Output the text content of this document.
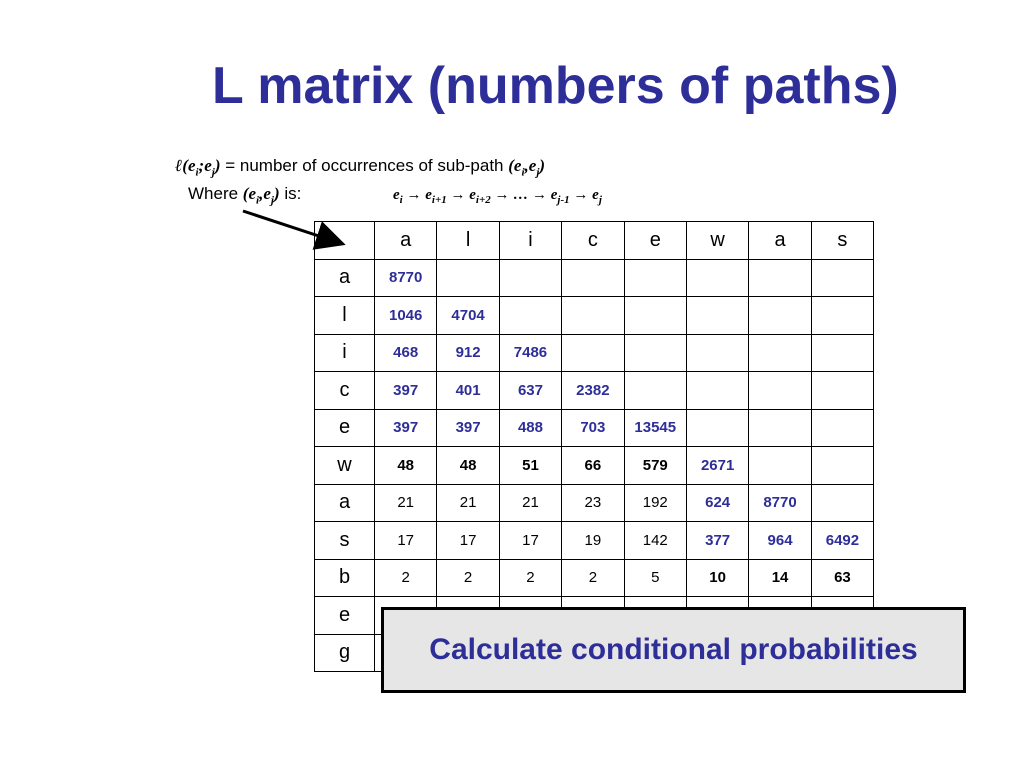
L matrix (numbers of paths)
$\ell(e_i;e_j)$ = number of occurrences of sub-path $(e_i,e_j)$
Where $(e_i,e_j)$ is:	$e_i \to e_{i+1} \to e_{i+2}$ → … → $e_{j-1} \to e_j$
	a	l	i	c	e	w	a	s
a	8770							
l	1046	4704						
i	468	912	7486					
c	397	401	637	2382				
e	397	397	488	703	13545			
w	48	48	51	66	579	2671		
a	21	21	21	23	192	624	8770	
s	17	17	17	19	142	377	964	6492
b	2	2	2	2	5	10	14	63
e								
g									Calculate conditional probabilities
